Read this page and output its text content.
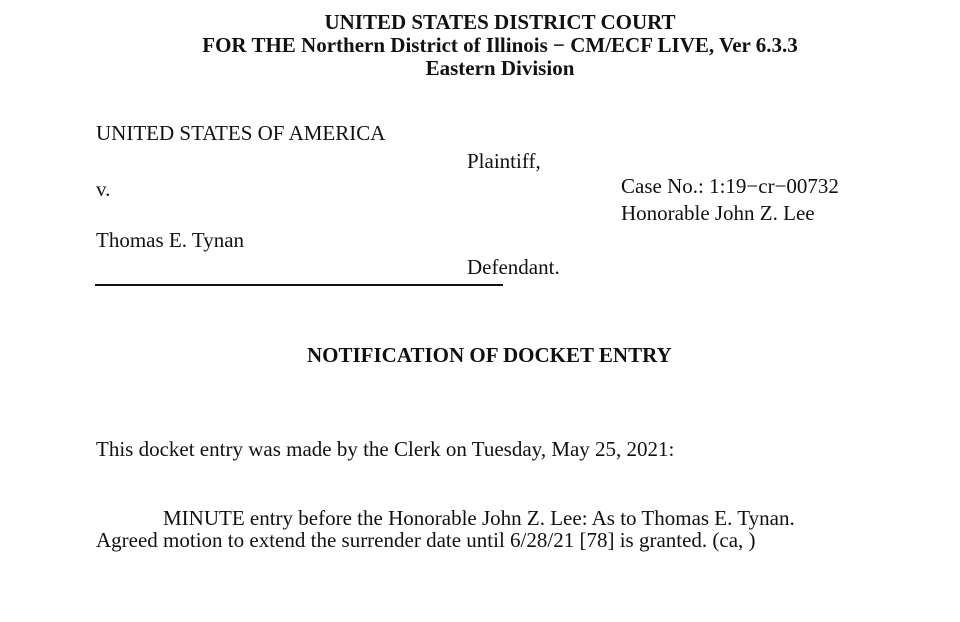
UNITED STATES DISTRICT COURT
FOR THE Northern District of Illinois − CM/ECF LIVE, Ver 6.3.3
Eastern Division
UNITED STATES OF AMERICA
Plaintiff,
v.	Case No.: 1:19−cr−00732
Honorable John Z. Lee
Thomas E. Tynan
Defendant.
NOTIFICATION OF DOCKET ENTRY
This docket entry was made by the Clerk on Tuesday, May 25, 2021:
MINUTE entry before the Honorable John Z. Lee: As to Thomas E. Tynan.
Agreed motion to extend the surrender date until 6/28/21 [78] is granted. (ca, )
